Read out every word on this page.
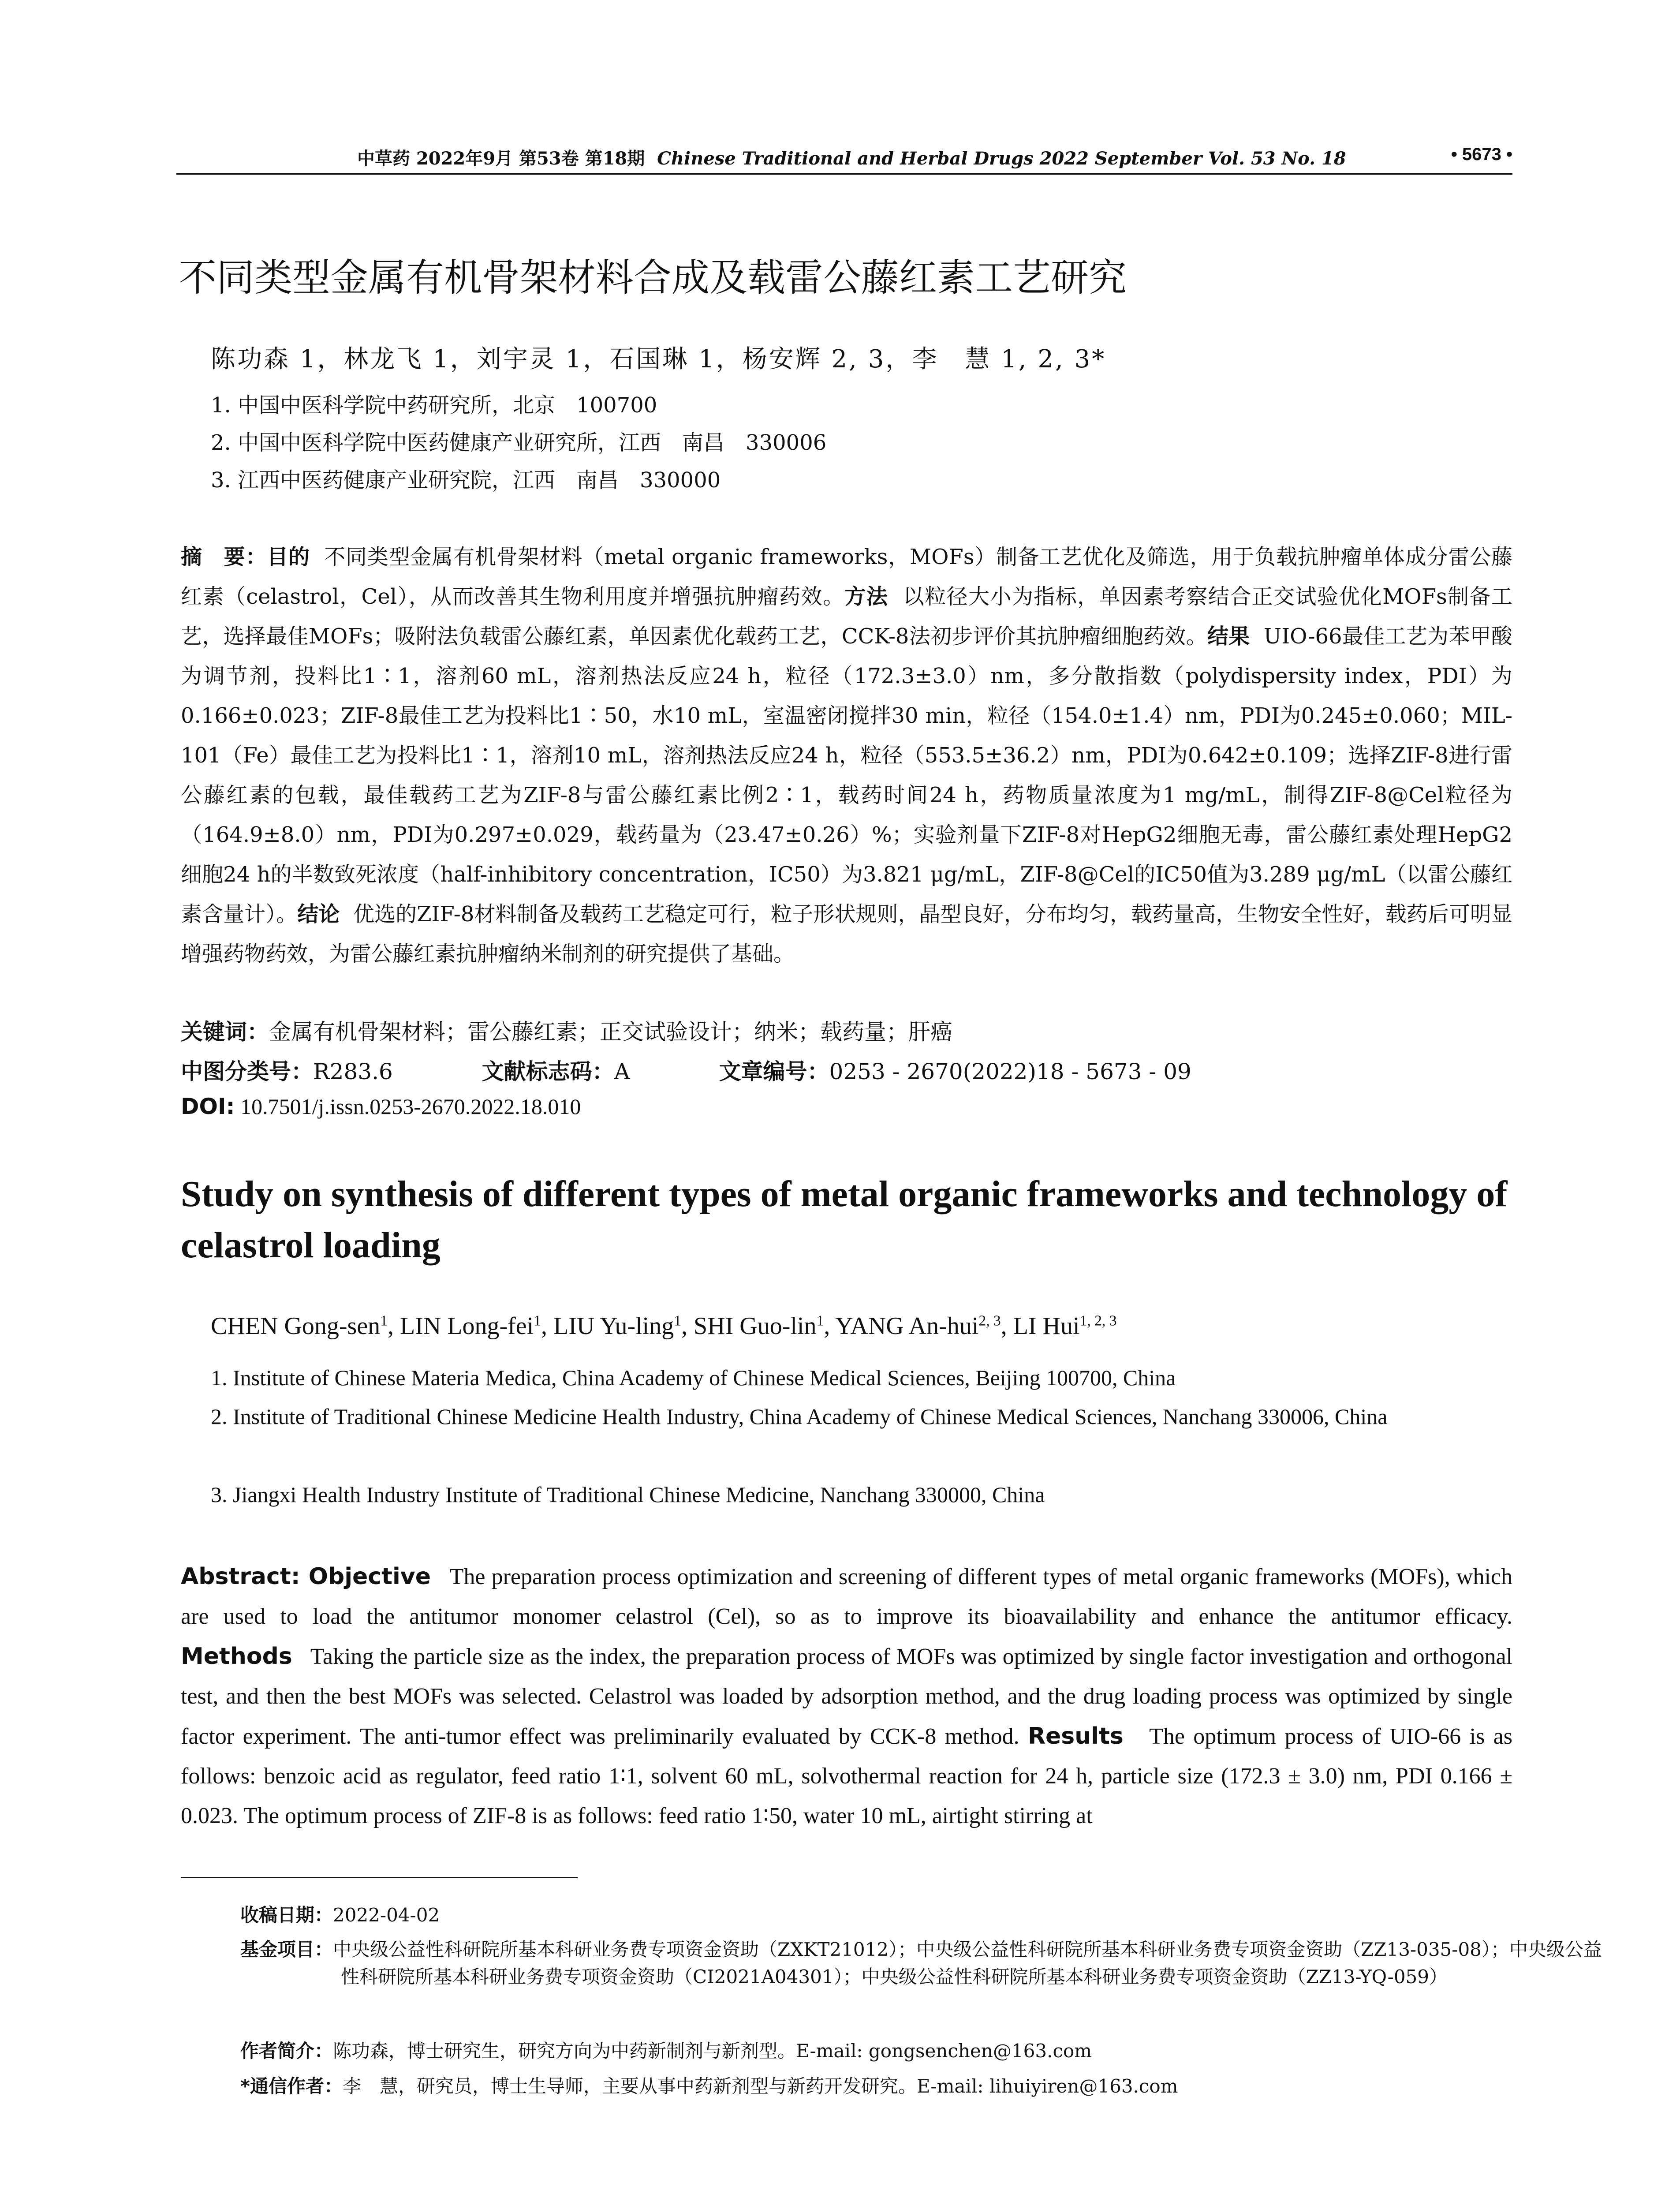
中草药 2022年9月 第53卷 第18期 Chinese Traditional and Herbal Drugs 2022 September Vol. 53 No. 18	• 5673 •
不同类型金属有机骨架材料合成及载雷公藤红素工艺研究
陈功森 1，林龙飞 1，刘宇灵 1，石国琳 1，杨安辉 2, 3，李　慧 1, 2, 3*
1. 中国中医科学院中药研究所，北京　100700
2. 中国中医科学院中医药健康产业研究所，江西　南昌　330006
3. 江西中医药健康产业研究院，江西　南昌　330000
摘　要：目的 不同类型金属有机骨架材料（metal organic frameworks，MOFs）制备工艺优化及筛选，用于负载抗肿瘤单体成分雷公藤红素（celastrol，Cel），从而改善其生物利用度并增强抗肿瘤药效。方法 以粒径大小为指标，单因素考察结合正交试验优化MOFs制备工艺，选择最佳MOFs；吸附法负载雷公藤红素，单因素优化载药工艺，CCK-8法初步评价其抗肿瘤细胞药效。结果 UIO-66最佳工艺为苯甲酸为调节剂，投料比1∶1，溶剂60 mL，溶剂热法反应24 h，粒径（172.3±3.0）nm，多分散指数（polydispersity index，PDI）为0.166±0.023；ZIF-8最佳工艺为投料比1∶50，水10 mL，室温密闭搅拌30 min，粒径（154.0±1.4）nm，PDI为0.245±0.060；MIL-101（Fe）最佳工艺为投料比1∶1，溶剂10 mL，溶剂热法反应24 h，粒径（553.5±36.2）nm，PDI为0.642±0.109；选择ZIF-8进行雷公藤红素的包载，最佳载药工艺为ZIF-8与雷公藤红素比例2∶1，载药时间24 h，药物质量浓度为1 mg/mL，制得ZIF-8@Cel粒径为（164.9±8.0）nm，PDI为0.297±0.029，载药量为（23.47±0.26）%；实验剂量下ZIF-8对HepG2细胞无毒，雷公藤红素处理HepG2细胞24 h的半数致死浓度（half-inhibitory concentration，IC50）为3.821 μg/mL，ZIF-8@Cel的IC50值为3.289 μg/mL（以雷公藤红素含量计）。结论 优选的ZIF-8材料制备及载药工艺稳定可行，粒子形状规则，晶型良好，分布均匀，载药量高，生物安全性好，载药后可明显增强药物药效，为雷公藤红素抗肿瘤纳米制剂的研究提供了基础。
关键词：金属有机骨架材料；雷公藤红素；正交试验设计；纳米；载药量；肝癌
中图分类号：R283.6	文献标志码：A	文章编号：0253 - 2670(2022)18 - 5673 - 09
DOI: 10.7501/j.issn.0253-2670.2022.18.010
Study on synthesis of different types of metal organic frameworks and technology of celastrol loading
CHEN Gong-sen$^1$, LIN Long-fei$^1$, LIU Yu-ling$^1$, SHI Guo-lin$^1$, YANG An-hui$^{2, 3}$, LI Hui$^{1, 2, 3}$
1. Institute of Chinese Materia Medica, China Academy of Chinese Medical Sciences, Beijing 100700, China
2. Institute of Traditional Chinese Medicine Health Industry, China Academy of Chinese Medical Sciences, Nanchang 330006, China
3. Jiangxi Health Industry Institute of Traditional Chinese Medicine, Nanchang 330000, China
Abstract: Objective The preparation process optimization and screening of different types of metal organic frameworks (MOFs), which are used to load the antitumor monomer celastrol (Cel), so as to improve its bioavailability and enhance the antitumor efficacy. Methods Taking the particle size as the index, the preparation process of MOFs was optimized by single factor investigation and orthogonal test, and then the best MOFs was selected. Celastrol was loaded by adsorption method, and the drug loading process was optimized by single factor experiment. The anti-tumor effect was preliminarily evaluated by CCK-8 method. Results The optimum process of UIO-66 is as follows: benzoic acid as regulator, feed ratio 1∶1, solvent 60 mL, solvothermal reaction for 24 h, particle size (172.3 ± 3.0) nm, PDI 0.166 ± 0.023. The optimum process of ZIF-8 is as follows: feed ratio 1∶50, water 10 mL, airtight stirring at
收稿日期：2022-04-02
基金项目：中央级公益性科研院所基本科研业务费专项资金资助（ZXKT21012）；中央级公益性科研院所基本科研业务费专项资金资助（ZZ13-035-08）；中央级公益性科研院所基本科研业务费专项资金资助（CI2021A04301）；中央级公益性科研院所基本科研业务费专项资金资助（ZZ13-YQ-059）
作者简介：陈功森，博士研究生，研究方向为中药新制剂与新剂型。E-mail: gongsenchen@163.com
*通信作者：李　慧，研究员，博士生导师，主要从事中药新剂型与新药开发研究。E-mail: lihuiyiren@163.com
